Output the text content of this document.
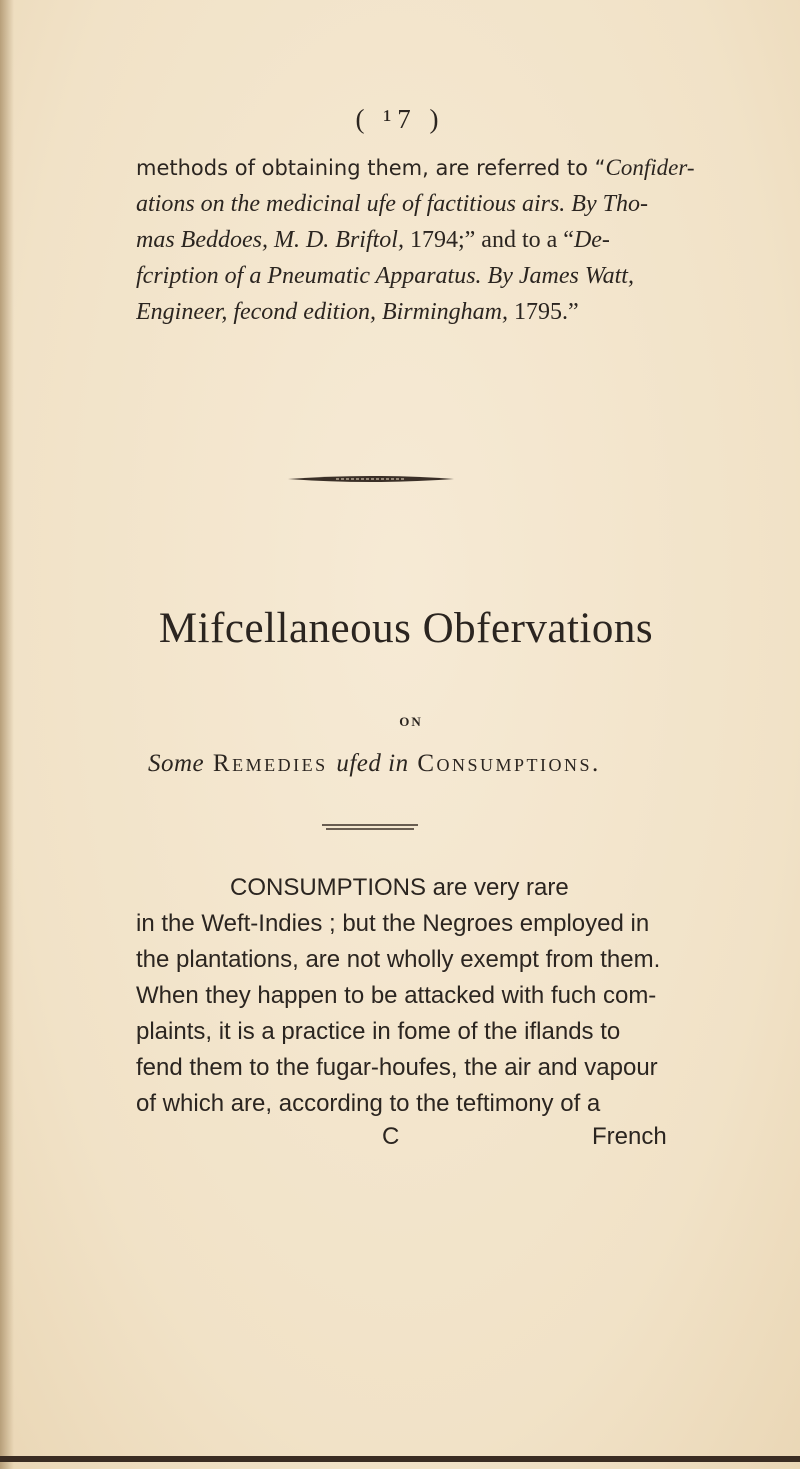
( ¹7 )
methods of obtaining them, are referred to “Confider-
ations on the medicinal ufe of factitious airs. By Tho-
mas Beddoes, M. D. Briftol, 1794;” and to a “De-
fcription of a Pneumatic Apparatus. By James Watt,
Engineer, fecond edition, Birmingham, 1795.”
Mifcellaneous Obfervations
ON
Some Remedies ufed in Consumptions.
CONSUMPTIONS are very rare
in the Weft-Indies ; but the Negroes employed in
the plantations, are not wholly exempt from them.
When they happen to be attacked with fuch com-
plaints, it is a practice in fome of the iflands to
fend them to the fugar-houfes, the air and vapour
of which are, according to the teftimony of a
C	French
